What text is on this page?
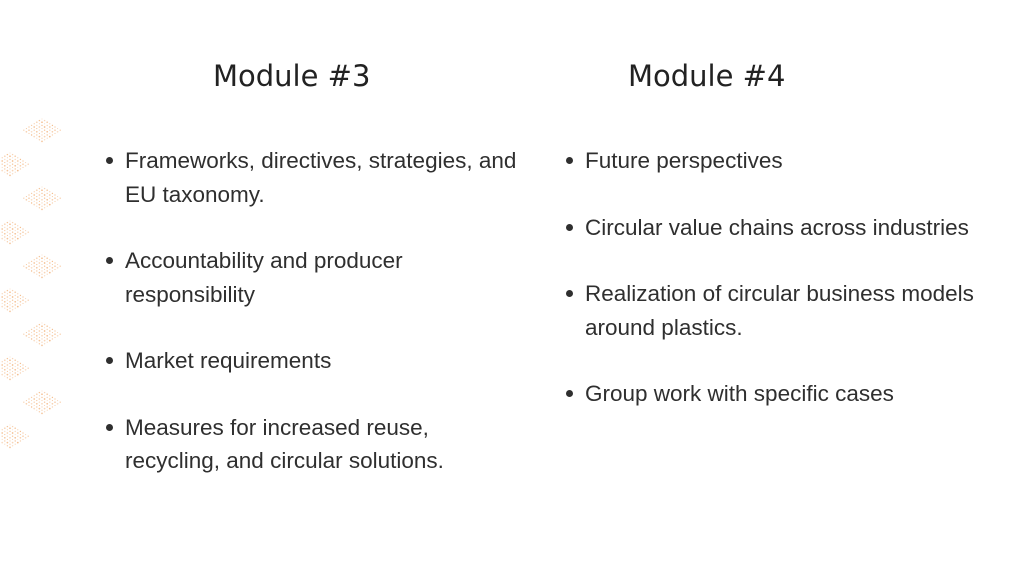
Module #3
Frameworks, directives, strategies, and EU taxonomy.
Accountability and producer responsibility
Market requirements
Measures for increased reuse, recycling, and circular solutions.
Module #4
Future perspectives
Circular value chains across industries
Realization of circular business models around plastics.
Group work with specific cases
